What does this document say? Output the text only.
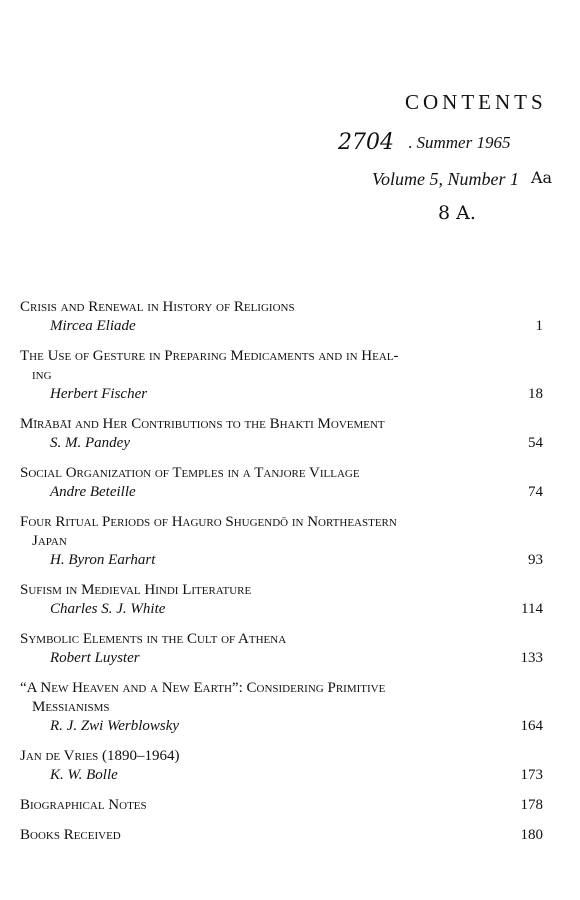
CONTENTS
2704 . Summer 1965
Volume 5, Number 1 Aa
8 A.
Crisis and Renewal in History of Religions
Mircea Eliade	1
The Use of Gesture in Preparing Medicaments and in Heal-
ing
Herbert Fischer	18
Mīrābāī and Her Contributions to the Bhakti Movement
S. M. Pandey	54
Social Organization of Temples in a Tanjore Village
Andre Beteille	74
Four Ritual Periods of Haguro Shugendō in Northeastern
Japan
H. Byron Earhart	93
Sufism in Medieval Hindi Literature
Charles S. J. White	114
Symbolic Elements in the Cult of Athena
Robert Luyster	133
“A New Heaven and a New Earth”: Considering Primitive
Messianisms
R. J. Zwi Werblowsky	164
Jan de Vries (1890–1964)
K. W. Bolle	173
Biographical Notes	178
Books Received	180
